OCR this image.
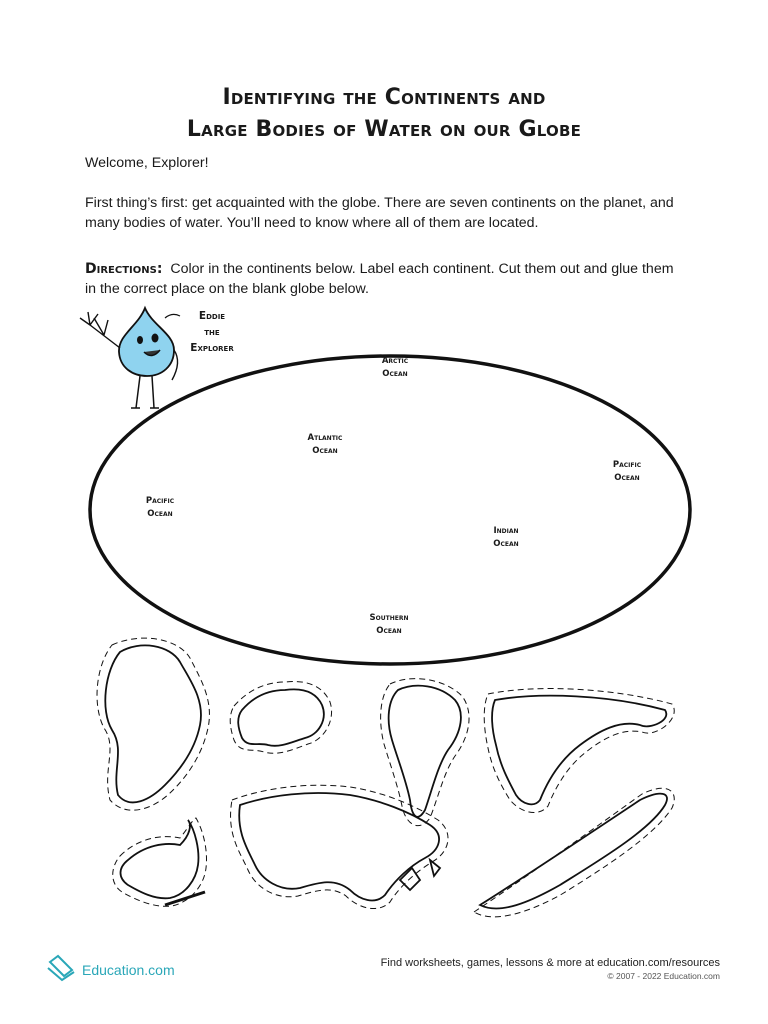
Identifying the Continents and
Large Bodies of Water on our Globe

Welcome, Explorer!

First thing’s first: get acquainted with the globe. There are seven continents on the planet, and many bodies of water. You’ll need to know where all of them are located.

Directions: Color in the continents below. Label each continent. Cut them out and glue them in the correct place on the blank globe below.

Eddie
the
Explorer
Arctic
Ocean
Atlantic
Ocean
Pacific
Ocean
Pacific
Ocean
Indian
Ocean
Southern
Ocean
Education.com	Find worksheets, games, lessons & more at education.com/resources
© 2007 - 2022 Education.com
